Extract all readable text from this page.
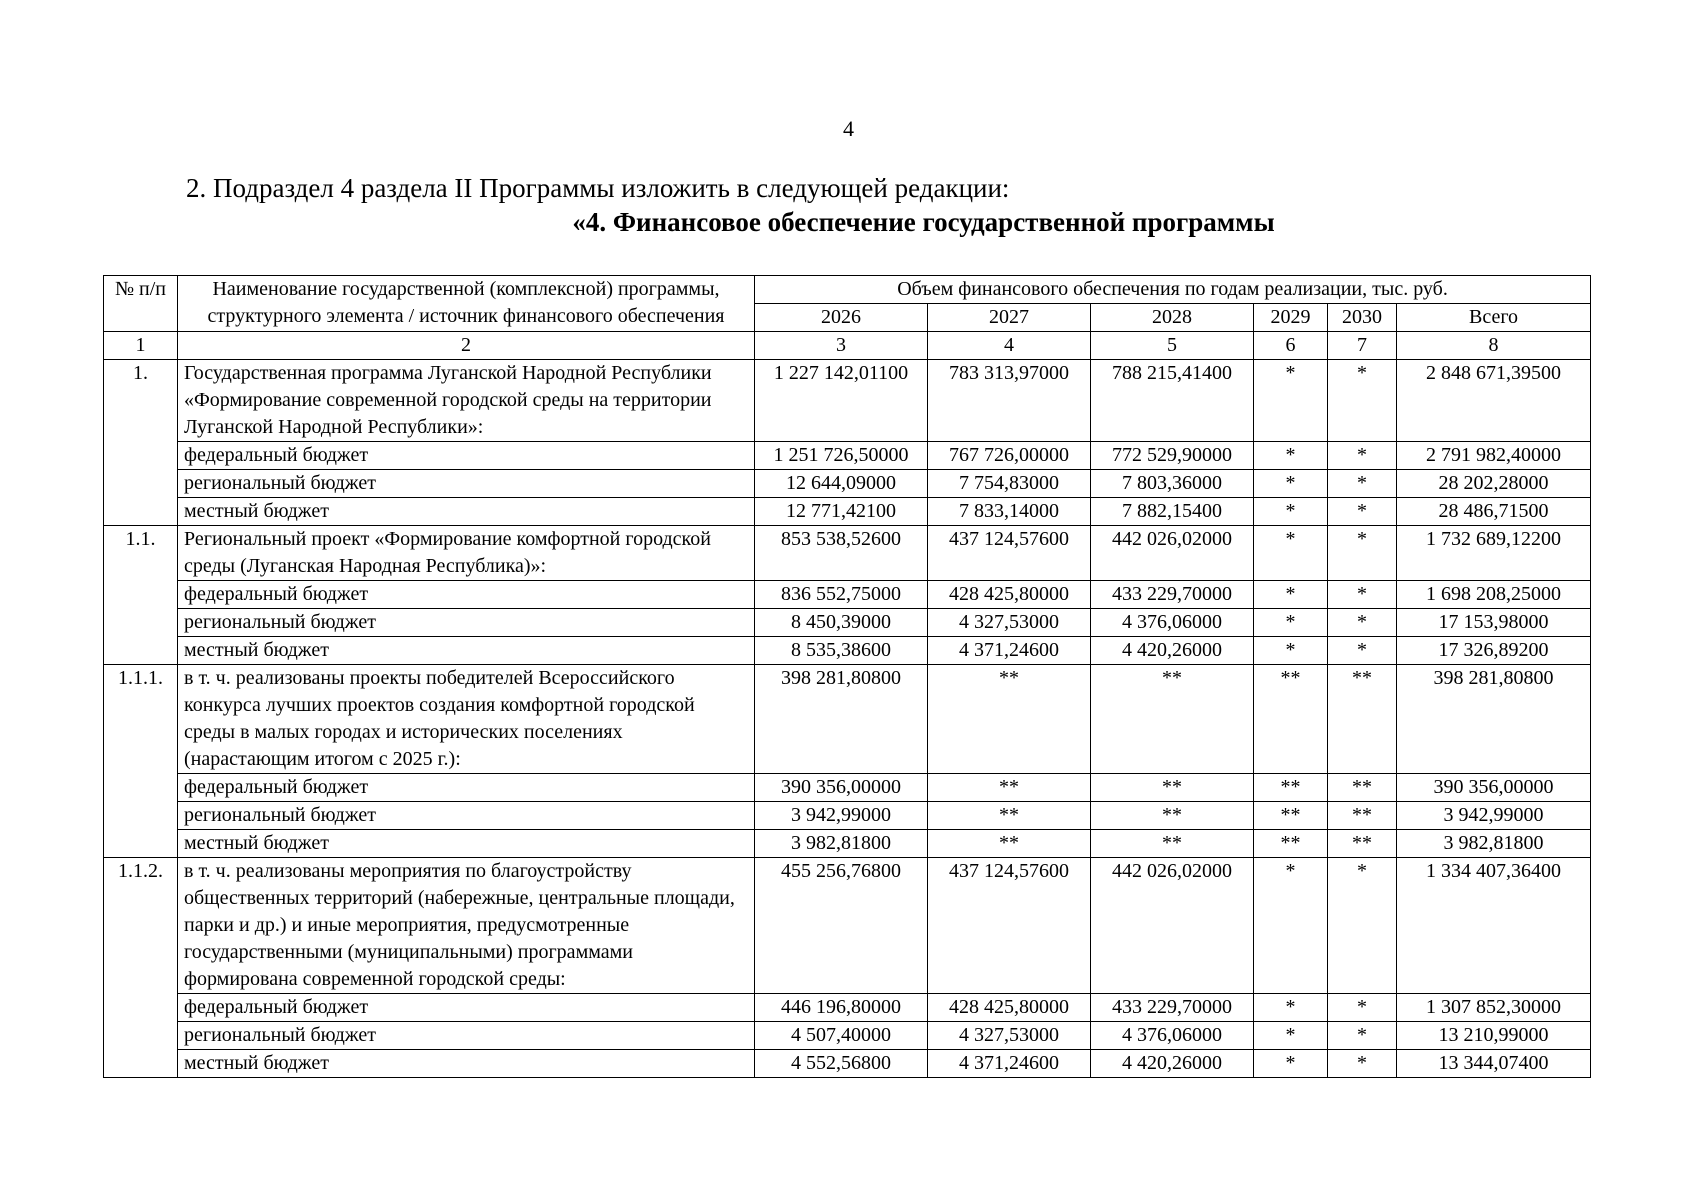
4
2. Подраздел 4 раздела II Программы изложить в следующей редакции:
«4. Финансовое обеспечение государственной программы
№ п/п	Наименование государственной (комплексной) программы, структурного элемента / источник финансового обеспечения	Объем финансового обеспечения по годам реализации, тыс. руб.					
		2026	2027	2028	2029	2030	Всего
1	2	3	4	5	6	7	8
1.	Государственная программа Луганской Народной Республики «Формирование современной городской среды на территории Луганской Народной Республики»:	1 227 142,01100	783 313,97000	788 215,41400	*	*	2 848 671,39500
	федеральный бюджет	1 251 726,50000	767 726,00000	772 529,90000	*	*	2 791 982,40000
	региональный бюджет	12 644,09000	7 754,83000	7 803,36000	*	*	28 202,28000
	местный бюджет	12 771,42100	7 833,14000	7 882,15400	*	*	28 486,71500
1.1.	Региональный проект «Формирование комфортной городской среды (Луганская Народная Республика)»:	853 538,52600	437 124,57600	442 026,02000	*	*	1 732 689,12200
	федеральный бюджет	836 552,75000	428 425,80000	433 229,70000	*	*	1 698 208,25000
	региональный бюджет	8 450,39000	4 327,53000	4 376,06000	*	*	17 153,98000
	местный бюджет	8 535,38600	4 371,24600	4 420,26000	*	*	17 326,89200
1.1.1.	в т. ч. реализованы проекты победителей Всероссийского конкурса лучших проектов создания комфортной городской среды в малых городах и исторических поселениях (нарастающим итогом с 2025 г.):	398 281,80800	**	**	**	**	398 281,80800
	федеральный бюджет	390 356,00000	**	**	**	**	390 356,00000
	региональный бюджет	3 942,99000	**	**	**	**	3 942,99000
	местный бюджет	3 982,81800	**	**	**	**	3 982,81800
1.1.2.	в т. ч. реализованы мероприятия по благоустройству общественных территорий (набережные, центральные площади, парки и др.) и иные мероприятия, предусмотренные государственными (муниципальными) программами формирована современной городской среды:	455 256,76800	437 124,57600	442 026,02000	*	*	1 334 407,36400
	федеральный бюджет	446 196,80000	428 425,80000	433 229,70000	*	*	1 307 852,30000
	региональный бюджет	4 507,40000	4 327,53000	4 376,06000	*	*	13 210,99000
	местный бюджет	4 552,56800	4 371,24600	4 420,26000	*	*	13 344,07400
